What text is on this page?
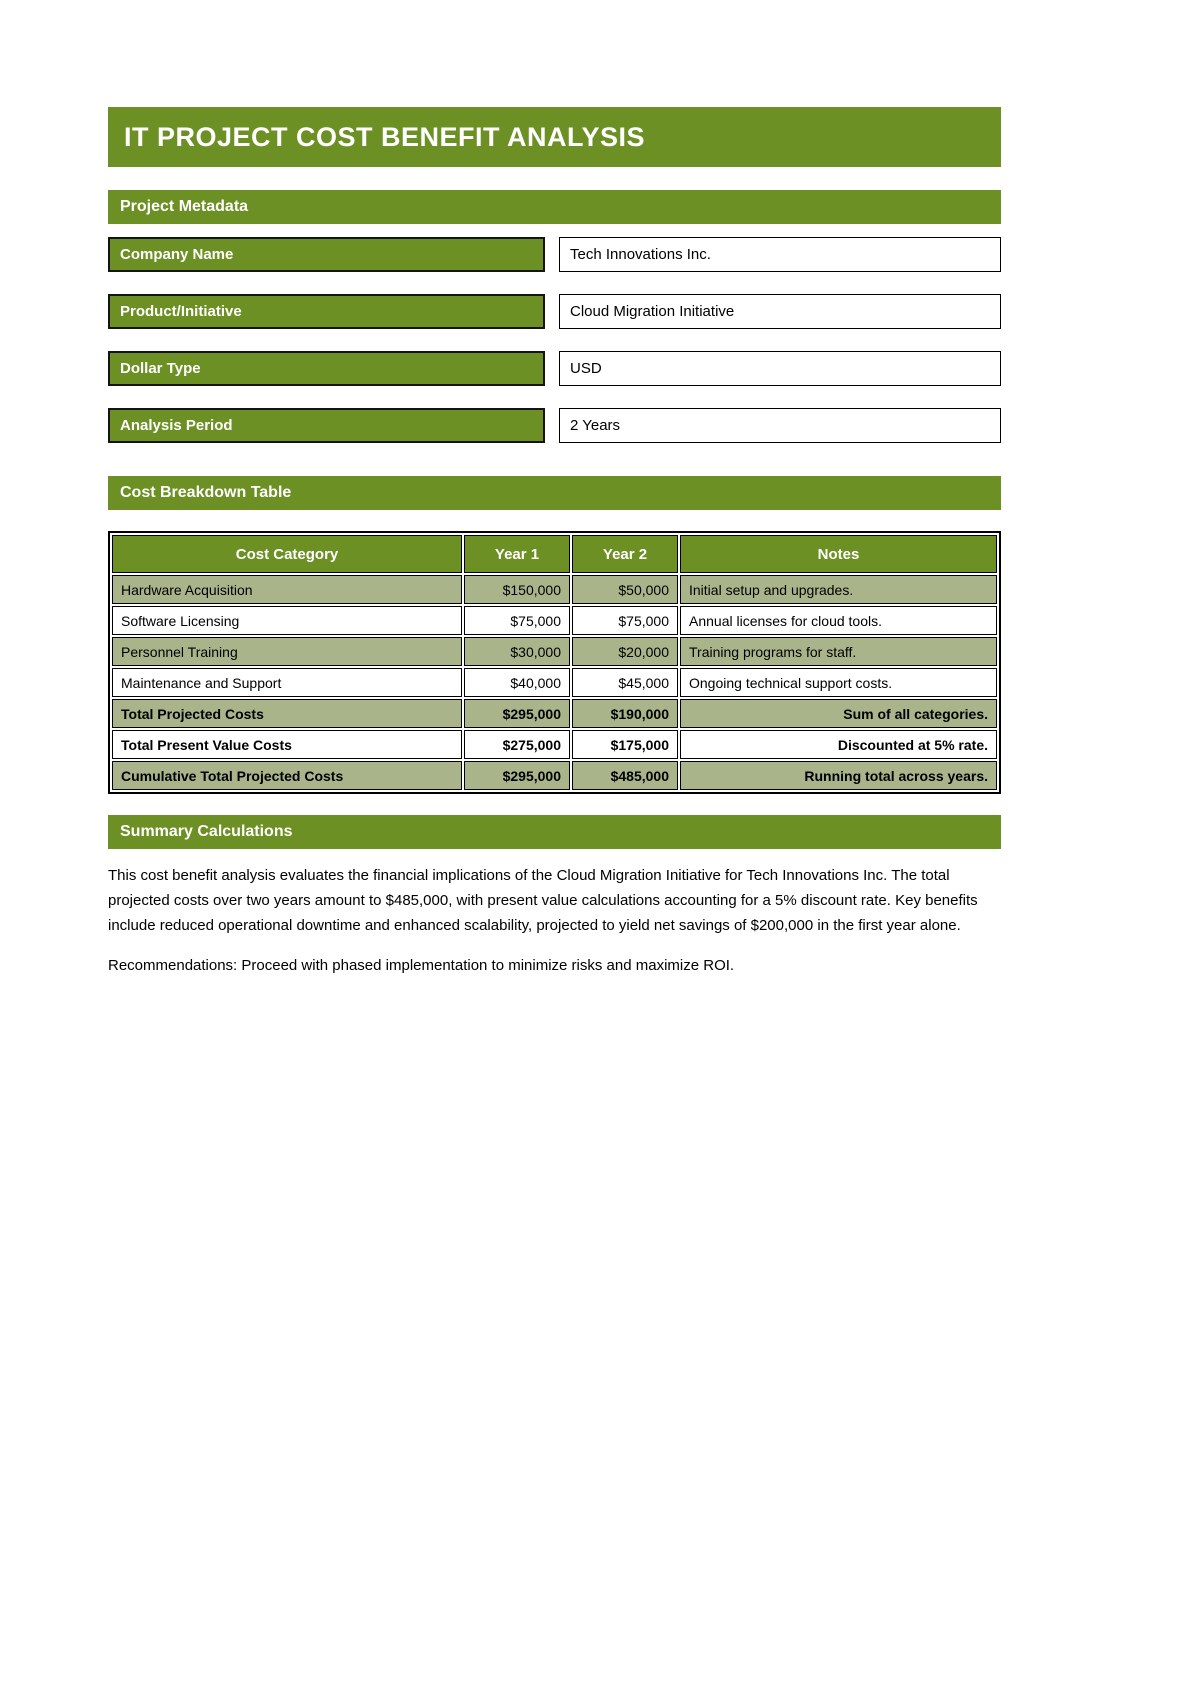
IT PROJECT COST BENEFIT ANALYSIS
Project Metadata
Company Name	Tech Innovations Inc.
Product/Initiative	Cloud Migration Initiative
Dollar Type	USD
Analysis Period	2 Years
Cost Breakdown Table
Cost Category	Year 1	Year 2	Notes
Hardware Acquisition	$150,000	$50,000	Initial setup and upgrades.
Software Licensing	$75,000	$75,000	Annual licenses for cloud tools.
Personnel Training	$30,000	$20,000	Training programs for staff.
Maintenance and Support	$40,000	$45,000	Ongoing technical support costs.
Total Projected Costs	$295,000	$190,000	Sum of all categories.
Total Present Value Costs	$275,000	$175,000	Discounted at 5% rate.
Cumulative Total Projected Costs	$295,000	$485,000	Running total across years.
Summary Calculations

This cost benefit analysis evaluates the financial implications of the Cloud Migration Initiative for Tech Innovations Inc. The total projected costs over two years amount to $485,000, with present value calculations accounting for a 5% discount rate. Key benefits include reduced operational downtime and enhanced scalability, projected to yield net savings of $200,000 in the first year alone.

Recommendations: Proceed with phased implementation to minimize risks and maximize ROI.
